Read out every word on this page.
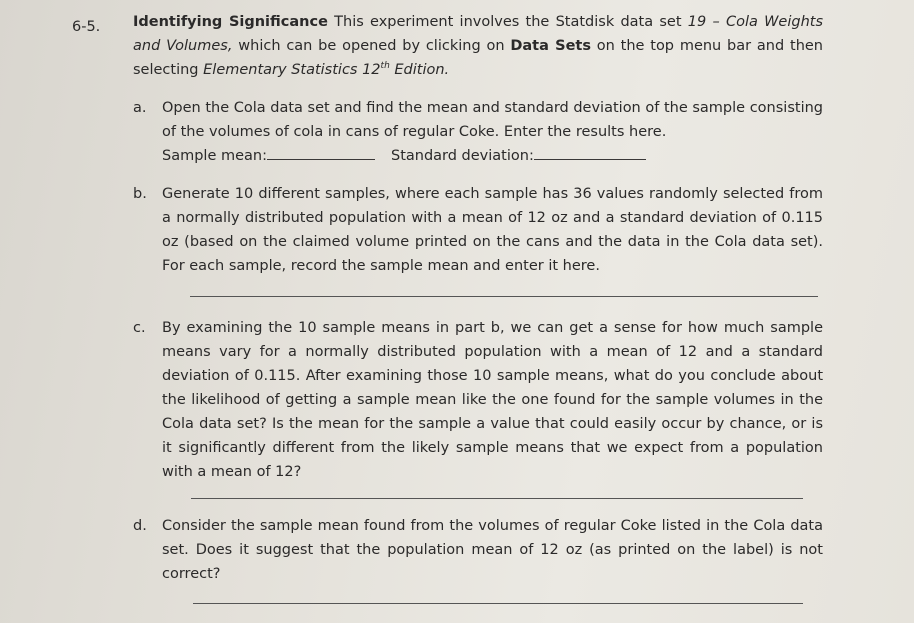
6-5. Identifying Significance This experiment involves the Statdisk data set 19 – Cola Weights and Volumes, which can be opened by clicking on Data Sets on the top menu bar and then selecting Elementary Statistics 12th Edition.
a. Open the Cola data set and find the mean and standard deviation of the sample consisting of the volumes of cola in cans of regular Coke. Enter the results here.
Sample mean:	Standard deviation:
b. Generate 10 different samples, where each sample has 36 values randomly selected from a normally distributed population with a mean of 12 oz and a standard deviation of 0.115 oz (based on the claimed volume printed on the cans and the data in the Cola data set). For each sample, record the sample mean and enter it here.
c. By examining the 10 sample means in part b, we can get a sense for how much sample means vary for a normally distributed population with a mean of 12 and a standard deviation of 0.115. After examining those 10 sample means, what do you conclude about the likelihood of getting a sample mean like the one found for the sample volumes in the Cola data set? Is the mean for the sample a value that could easily occur by chance, or is it significantly different from the likely sample means that we expect from a population with a mean of 12?
d. Consider the sample mean found from the volumes of regular Coke listed in the Cola data set. Does it suggest that the population mean of 12 oz (as printed on the label) is not correct?
